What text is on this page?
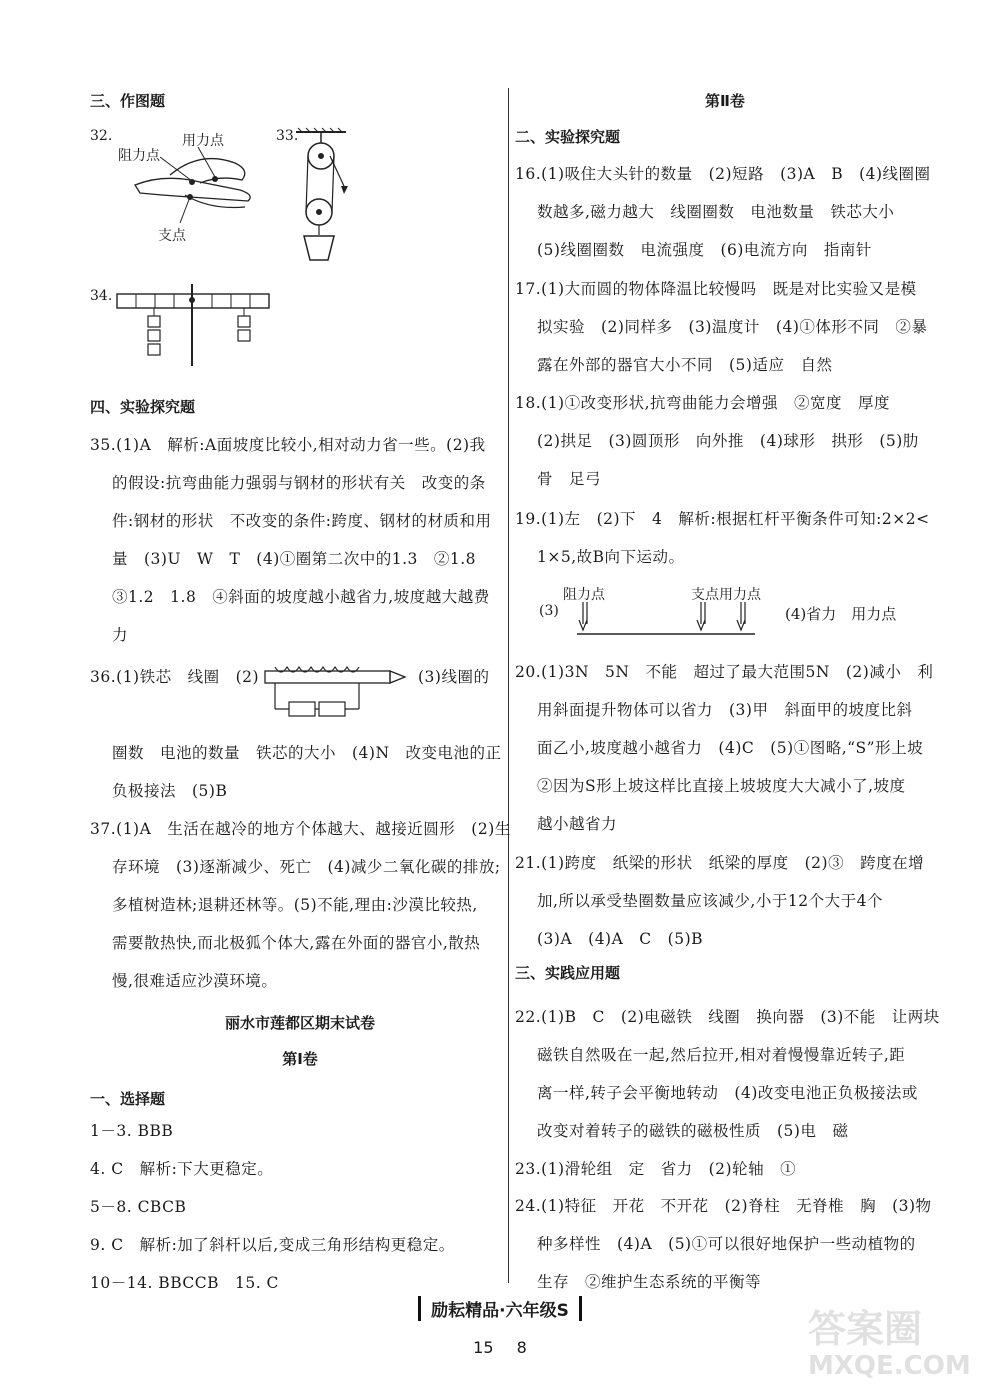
三、作图题
32.	用力点
阻力点
支点
33.
34.
四、实验探究题
35.(1)A　解析:A面坡度比较小,相对动力省一些。(2)我
的假设:抗弯曲能力强弱与钢材的形状有关　改变的条
件:钢材的形状　不改变的条件:跨度、钢材的材质和用
量　(3)U　W　T　(4)①圈第二次中的1.3　②1.8
③1.2　1.8　④斜面的坡度越小越省力,坡度越大越费
力
36.(1)铁芯　线圈　(2)	(3)线圈的
圈数　电池的数量　铁芯的大小　(4)N　改变电池的正
负极接法　(5)B
37.(1)A　生活在越冷的地方个体越大、越接近圆形　(2)生
存环境　(3)逐渐减少、死亡　(4)减少二氧化碳的排放;
多植树造林;退耕还林等。(5)不能,理由:沙漠比较热,
需要散热快,而北极狐个体大,露在外面的器官小,散热
慢,很难适应沙漠环境。
丽水市莲都区期末试卷
第Ⅰ卷
一、选择题
1－3. BBB
4. C　解析:下大更稳定。
5－8. CBCB
9. C　解析:加了斜杆以后,变成三角形结构更稳定。
10－14. BBCCB　15. C
第Ⅱ卷
二、实验探究题
16.(1)吸住大头针的数量　(2)短路　(3)A　B　(4)线圈圈
数越多,磁力越大　线圈圈数　电池数量　铁芯大小
(5)线圈圈数　电流强度　(6)电流方向　指南针
17.(1)大而圆的物体降温比较慢吗　既是对比实验又是模
拟实验　(2)同样多　(3)温度计　(4)①体形不同　②暴
露在外部的器官大小不同　(5)适应　自然
18.(1)①改变形状,抗弯曲能力会增强　②宽度　厚度
(2)拱足　(3)圆顶形　向外推　(4)球形　拱形　(5)肋
骨　足弓
19.(1)左　(2)下　4　解析:根据杠杆平衡条件可知:2×2<
1×5,故B向下运动。
(3)
阻力点	支点用力点
(4)省力　用力点
20.(1)3N　5N　不能　超过了最大范围5N　(2)减小　利
用斜面提升物体可以省力　(3)甲　斜面甲的坡度比斜
面乙小,坡度越小越省力　(4)C　(5)①图略,“S”形上坡
②因为S形上坡这样比直接上坡坡度大大减小了,坡度
越小越省力
21.(1)跨度　纸梁的形状　纸梁的厚度　(2)③　跨度在增
加,所以承受垫圈数量应该减少,小于12个大于4个
(3)A　(4)A　C　(5)B
三、实践应用题
22.(1)B　C　(2)电磁铁　线圈　换向器　(3)不能　让两块
磁铁自然吸在一起,然后拉开,相对着慢慢靠近转子,距
离一样,转子会平衡地转动　(4)改变电池正负极接法或
改变对着转子的磁铁的磁极性质　(5)电　磁
23.(1)滑轮组　定　省力　(2)轮轴　①
24.(1)特征　开花　不开花　(2)脊柱　无脊椎　胸　(3)物
种多样性　(4)A　(5)①可以很好地保护一些动植物的
生存　②维护生态系统的平衡等
励耘精品·六年级S
15 8	答案圈
MXQE.COM
